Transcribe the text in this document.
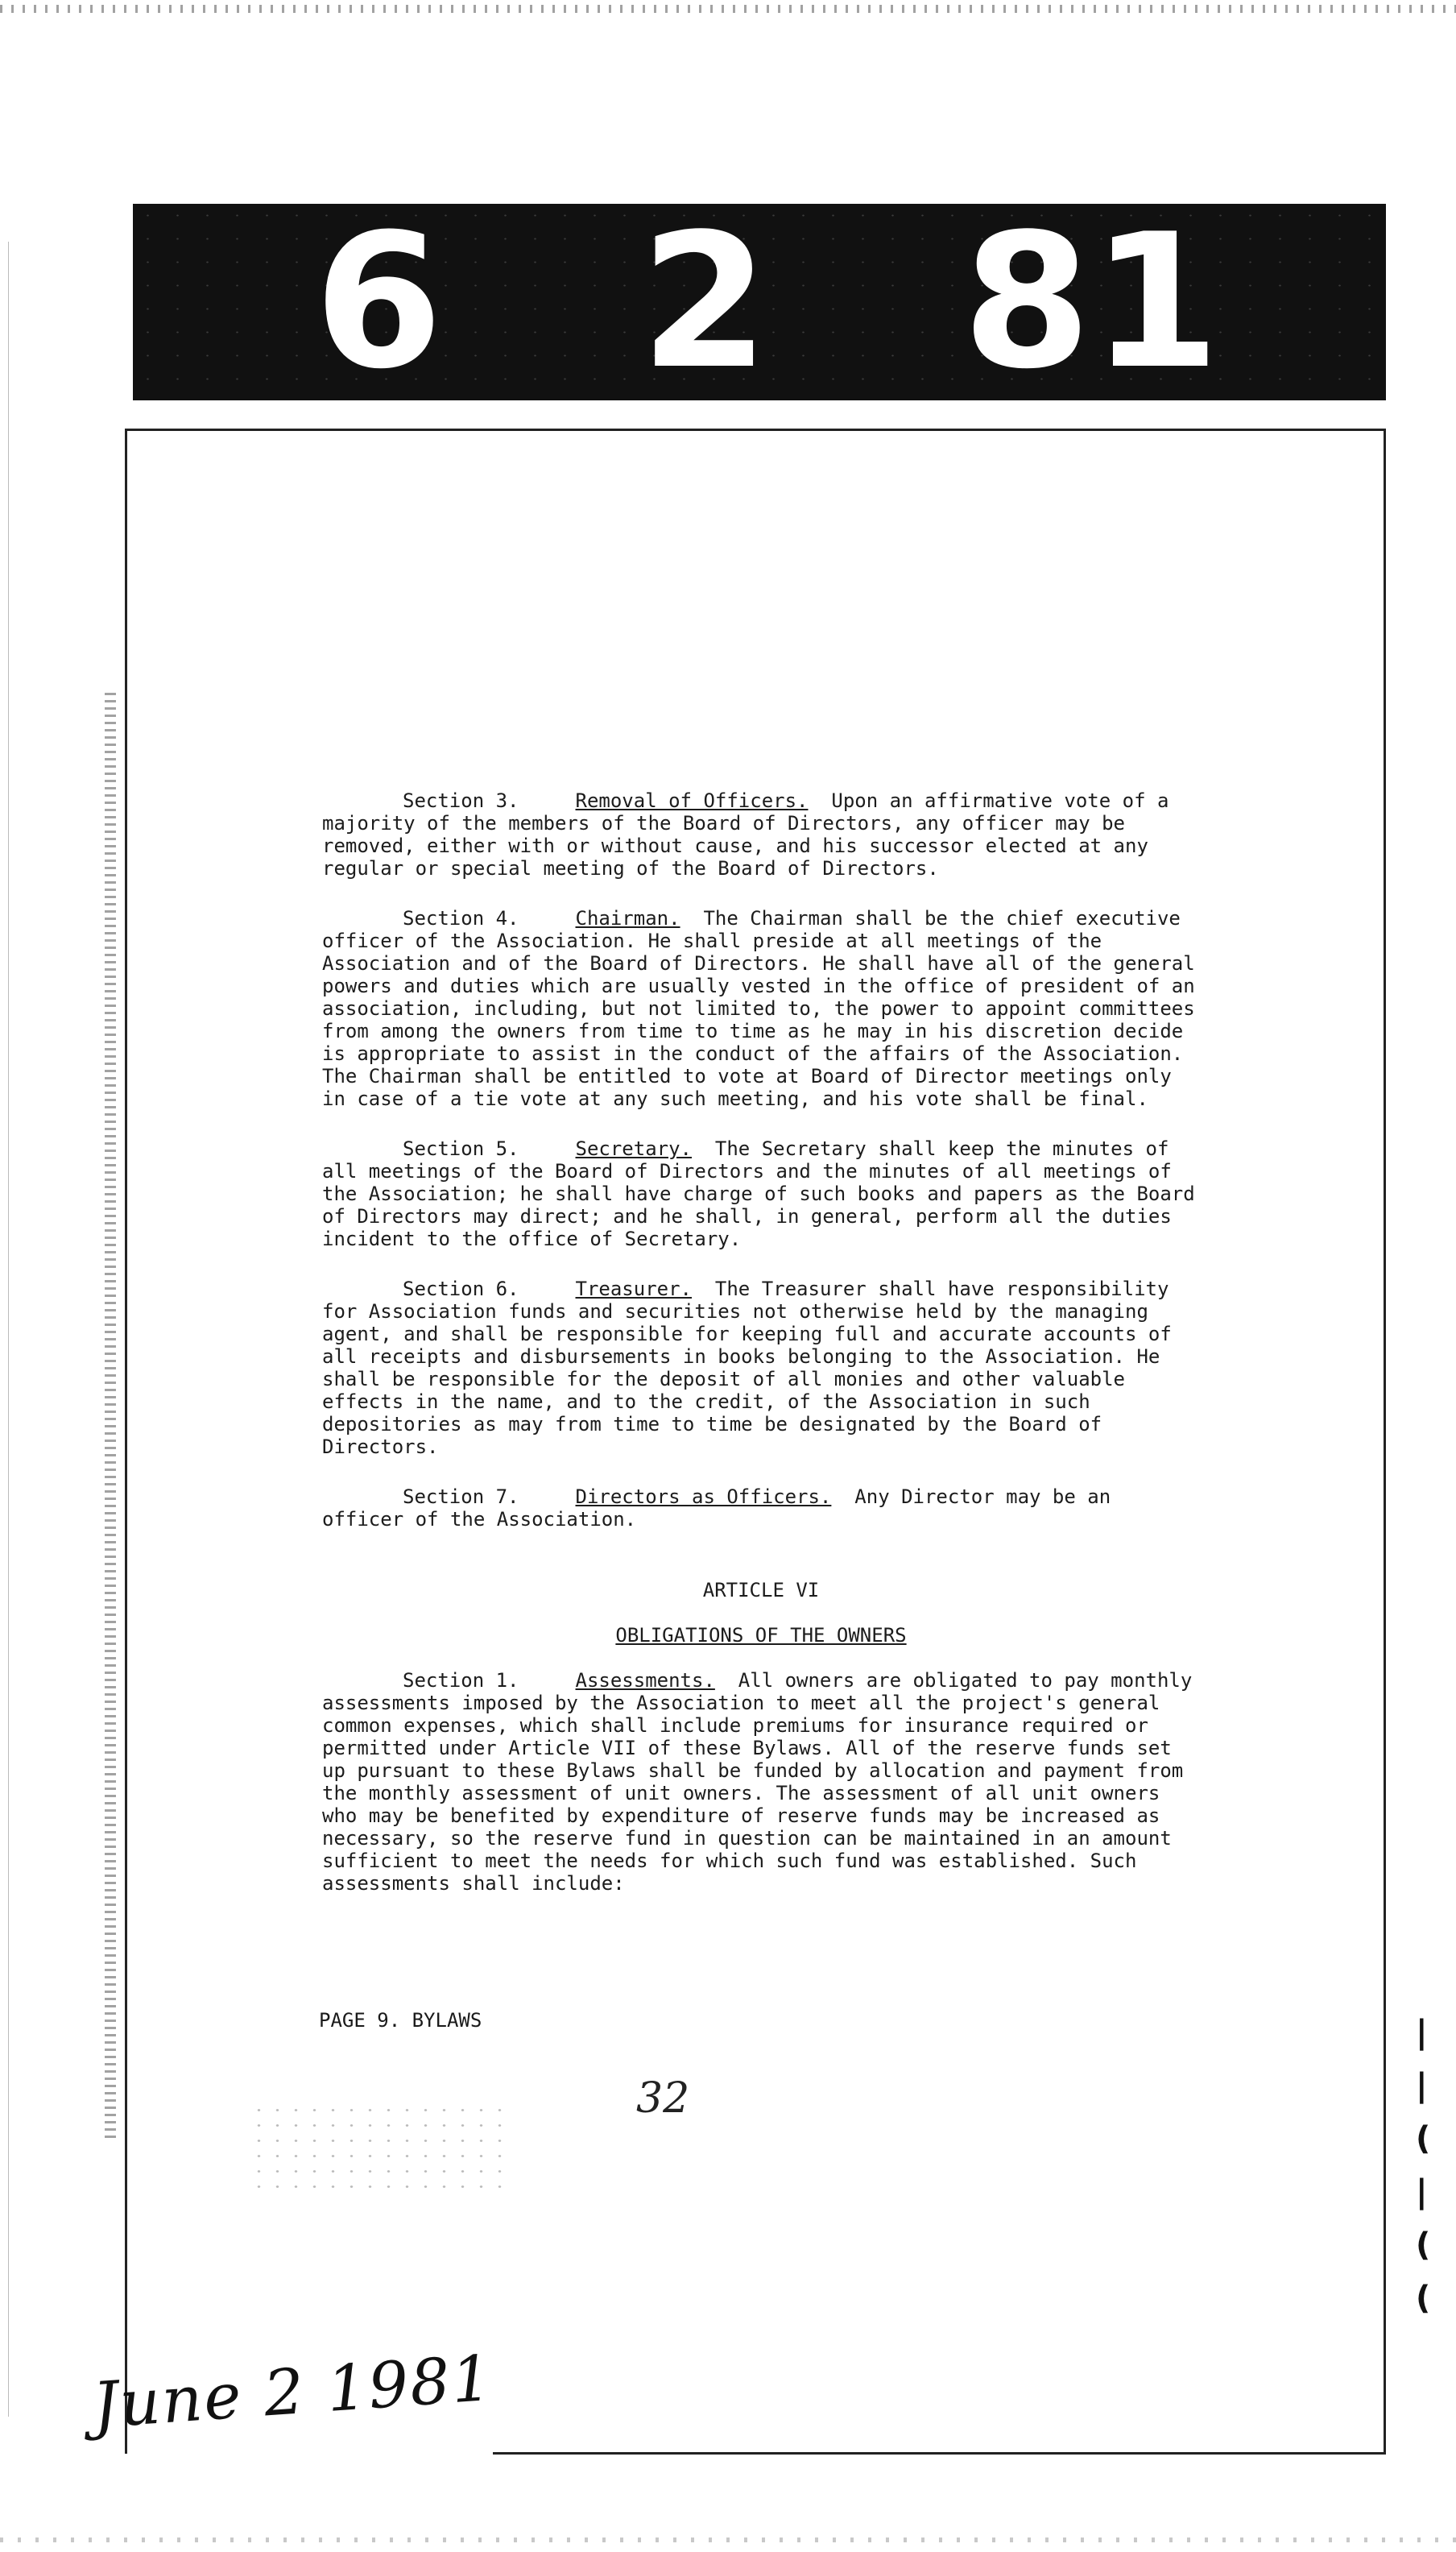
6 2 81

Section 3.	Removal of Officers.  Upon an affirmative vote of a majority of the members of the Board of Directors, any officer may be removed, either with or without cause, and his successor elected at any regular or special meeting of the Board of Directors.

Section 4.	Chairman.  The Chairman shall be the chief executive officer of the Association. He shall preside at all meetings of the Association and of the Board of Directors. He shall have all of the general powers and duties which are usually vested in the office of president of an association, including, but not limited to, the power to appoint committees from among the owners from time to time as he may in his discretion decide is appropriate to assist in the conduct of the affairs of the Association. The Chairman shall be entitled to vote at Board of Director meetings only in case of a tie vote at any such meeting, and his vote shall be final.

Section 5.	Secretary.  The Secretary shall keep the minutes of all meetings of the Board of Directors and the minutes of all meetings of the Association; he shall have charge of such books and papers as the Board of Directors may direct; and he shall, in general, perform all the duties incident to the office of Secretary.

Section 6.	Treasurer.  The Treasurer shall have responsibility for Association funds and securities not otherwise held by the managing agent, and shall be responsible for keeping full and accurate accounts of all receipts and disbursements in books belonging to the Association. He shall be responsible for the deposit of all monies and other valuable effects in the name, and to the credit, of the Association in such depositories as may from time to time be designated by the Board of Directors.

Section 7.	Directors as Officers.  Any Director may be an officer of the Association.

ARTICLE VI

OBLIGATIONS OF THE OWNERS

Section 1.	Assessments.  All owners are obligated to pay monthly assessments imposed by the Association to meet all the project's general common expenses, which shall include premiums for insurance required or permitted under Article VII of these Bylaws. All of the reserve funds set up pursuant to these Bylaws shall be funded by allocation and payment from the monthly assessment of unit owners. The assessment of all unit owners who may be benefited by expenditure of reserve funds may be increased as necessary, so the reserve fund in question can be maintained in an amount sufficient to meet the needs for which such fund was established. Such assessments shall include:

PAGE 9. BYLAWS
32
June 2 1981
|
|
(
|
(
(
